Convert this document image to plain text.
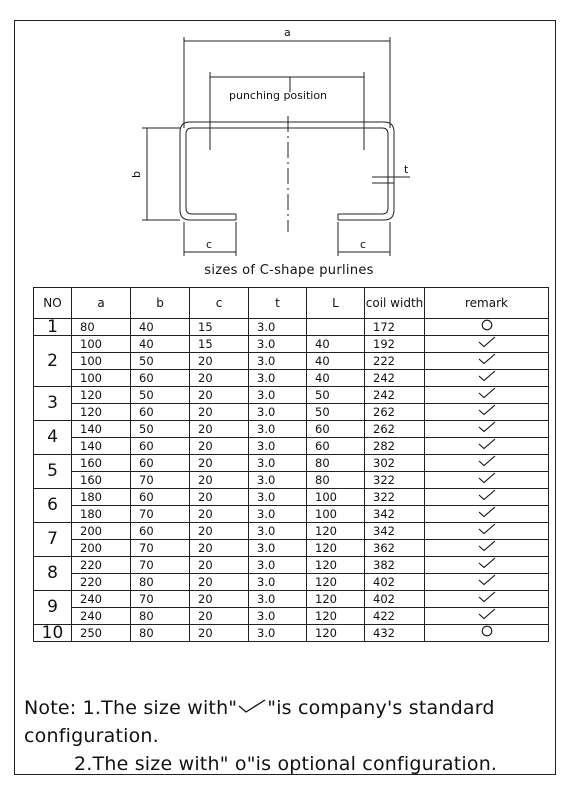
a
punching position
b
c	c
t
sizes of C-shape purlines
NO	a	b	c	t	L	coil width	remark
1	80	40	15	3.0		172	
2	100	40	15	3.0	40	192	
	100	50	20	3.0	40	222	
	100	60	20	3.0	40	242	
3	120	50	20	3.0	50	242	
	120	60	20	3.0	50	262	
4	140	50	20	3.0	60	262	
	140	60	20	3.0	60	282	
5	160	60	20	3.0	80	302	
	160	70	20	3.0	80	322	
6	180	60	20	3.0	100	322	
	180	70	20	3.0	100	342	
7	200	60	20	3.0	120	342	
	200	70	20	3.0	120	362	
8	220	70	20	3.0	120	382	
	220	80	20	3.0	120	402	
9	240	70	20	3.0	120	402	
	240	80	20	3.0	120	422	
10	250	80	20	3.0	120	432	
Note: 1.The size with" "is company's standard configuration.
2.The size with" o"is optional configuration.
